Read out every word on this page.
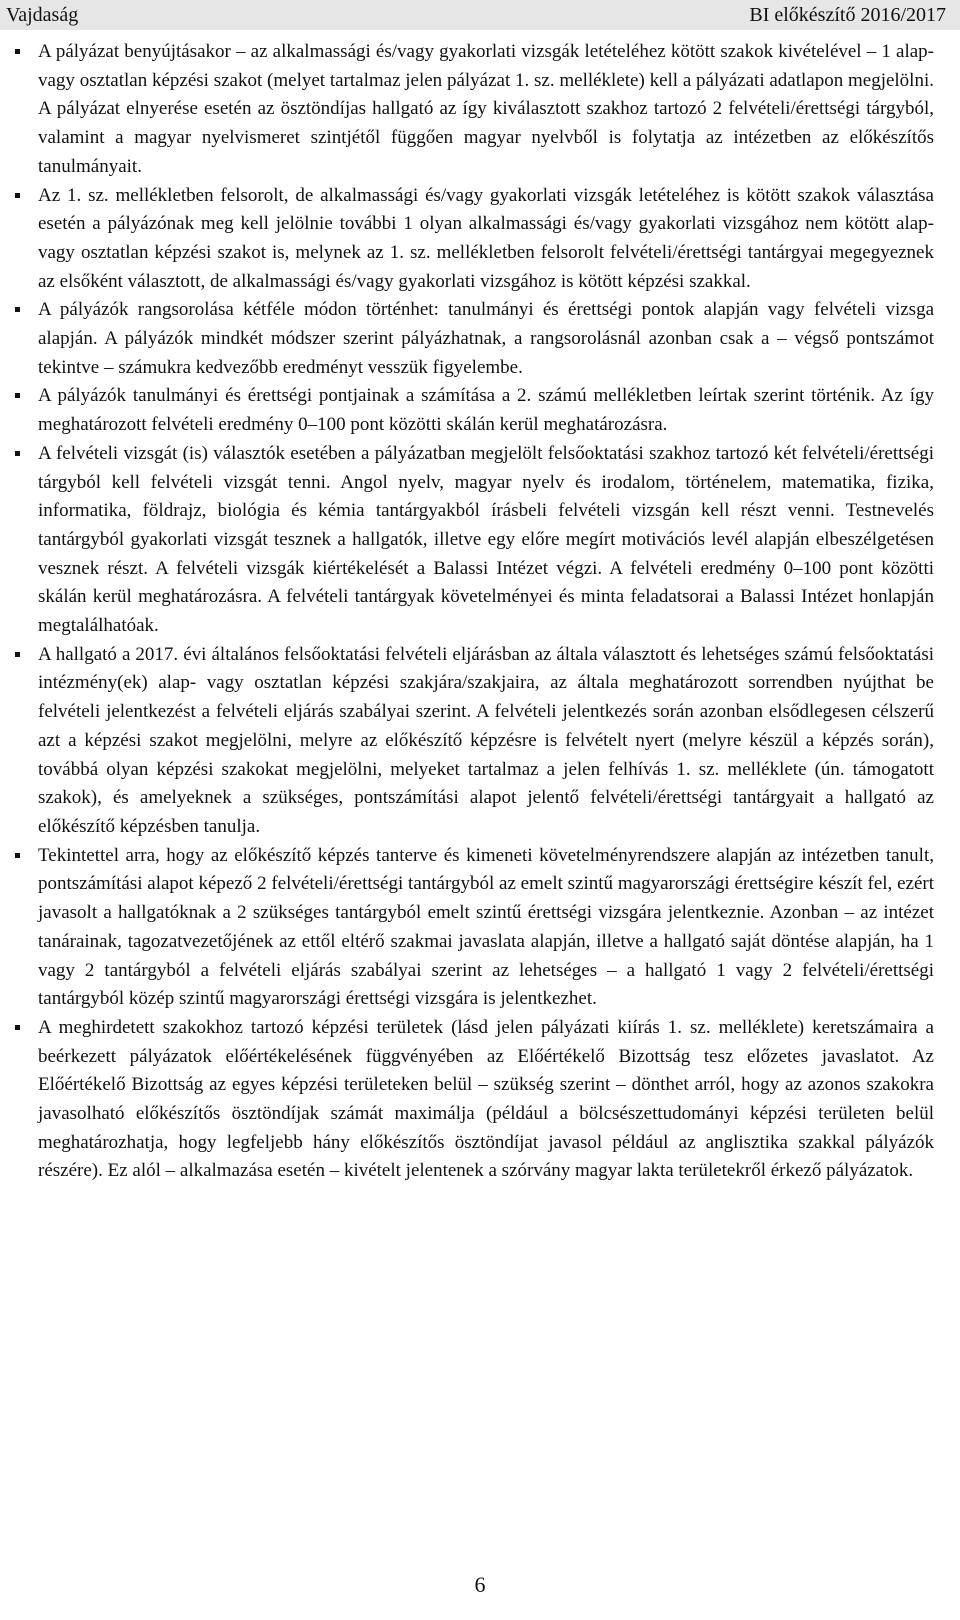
Vajdaság	BI előkészítő 2016/2017

A pályázat benyújtásakor – az alkalmassági és/vagy gyakorlati vizsgák letételéhez kötött szakok kivételével – 1 alap- vagy osztatlan képzési szakot (melyet tartalmaz jelen pályázat 1. sz. melléklete) kell a pályázati adatlapon megjelölni. A pályázat elnyerése esetén az ösztöndíjas hallgató az így kiválasztott szakhoz tartozó 2 felvételi/érettségi tárgyból, valamint a magyar nyelvismeret szintjétől függően magyar nyelvből is folytatja az intézetben az előkészítős tanulmányait.

Az 1. sz. mellékletben felsorolt, de alkalmassági és/vagy gyakorlati vizsgák letételéhez is kötött szakok választása esetén a pályázónak meg kell jelölnie további 1 olyan alkalmassági és/vagy gyakorlati vizsgához nem kötött alap- vagy osztatlan képzési szakot is, melynek az 1. sz. mellékletben felsorolt felvételi/érettségi tantárgyai megegyeznek az elsőként választott, de alkalmassági és/vagy gyakorlati vizsgához is kötött képzési szakkal.

A pályázók rangsorolása kétféle módon történhet: tanulmányi és érettségi pontok alapján vagy felvételi vizsga alapján. A pályázók mindkét módszer szerint pályázhatnak, a rangsorolásnál azonban csak a – végső pontszámot tekintve – számukra kedvezőbb eredményt vesszük figyelembe.

A pályázók tanulmányi és érettségi pontjainak a számítása a 2. számú mellékletben leírtak szerint történik. Az így meghatározott felvételi eredmény 0–100 pont közötti skálán kerül meghatározásra.

A felvételi vizsgát (is) választók esetében a pályázatban megjelölt felsőoktatási szakhoz tartozó két felvételi/érettségi tárgyból kell felvételi vizsgát tenni. Angol nyelv, magyar nyelv és irodalom, történelem, matematika, fizika, informatika, földrajz, biológia és kémia tantárgyakból írásbeli felvételi vizsgán kell részt venni. Testnevelés tantárgyból gyakorlati vizsgát tesznek a hallgatók, illetve egy előre megírt motivációs levél alapján elbeszélgetésen vesznek részt. A felvételi vizsgák kiértékelését a Balassi Intézet végzi. A felvételi eredmény 0–100 pont közötti skálán kerül meghatározásra. A felvételi tantárgyak követelményei és minta feladatsorai a Balassi Intézet honlapján megtalálhatóak.

A hallgató a 2017. évi általános felsőoktatási felvételi eljárásban az általa választott és lehetséges számú felsőoktatási intézmény(ek) alap- vagy osztatlan képzési szakjára/szakjaira, az általa meghatározott sorrendben nyújthat be felvételi jelentkezést a felvételi eljárás szabályai szerint. A felvételi jelentkezés során azonban elsődlegesen célszerű azt a képzési szakot megjelölni, melyre az előkészítő képzésre is felvételt nyert (melyre készül a képzés során), továbbá olyan képzési szakokat megjelölni, melyeket tartalmaz a jelen felhívás 1. sz. melléklete (ún. támogatott szakok), és amelyeknek a szükséges, pontszámítási alapot jelentő felvételi/érettségi tantárgyait a hallgató az előkészítő képzésben tanulja.

Tekintettel arra, hogy az előkészítő képzés tanterve és kimeneti követelményrendszere alapján az intézetben tanult, pontszámítási alapot képező 2 felvételi/érettségi tantárgyból az emelt szintű magyarországi érettségire készít fel, ezért javasolt a hallgatóknak a 2 szükséges tantárgyból emelt szintű érettségi vizsgára jelentkeznie. Azonban – az intézet tanárainak, tagozatvezetőjének az ettől eltérő szakmai javaslata alapján, illetve a hallgató saját döntése alapján, ha 1 vagy 2 tantárgyból a felvételi eljárás szabályai szerint az lehetséges – a hallgató 1 vagy 2 felvételi/érettségi tantárgyból közép szintű magyarországi érettségi vizsgára is jelentkezhet.

A meghirdetett szakokhoz tartozó képzési területek (lásd jelen pályázati kiírás 1. sz. melléklete) keretszámaira a beérkezett pályázatok előértékelésének függvényében az Előértékelő Bizottság tesz előzetes javaslatot. Az Előértékelő Bizottság az egyes képzési területeken belül – szükség szerint – dönthet arról, hogy az azonos szakokra javasolható előkészítős ösztöndíjak számát maximálja (például a bölcsészettudományi képzési területen belül meghatározhatja, hogy legfeljebb hány előkészítős ösztöndíjat javasol például az anglisztika szakkal pályázók részére). Ez alól – alkalmazása esetén – kivételt jelentenek a szórvány magyar lakta területekről érkező pályázatok.

6
